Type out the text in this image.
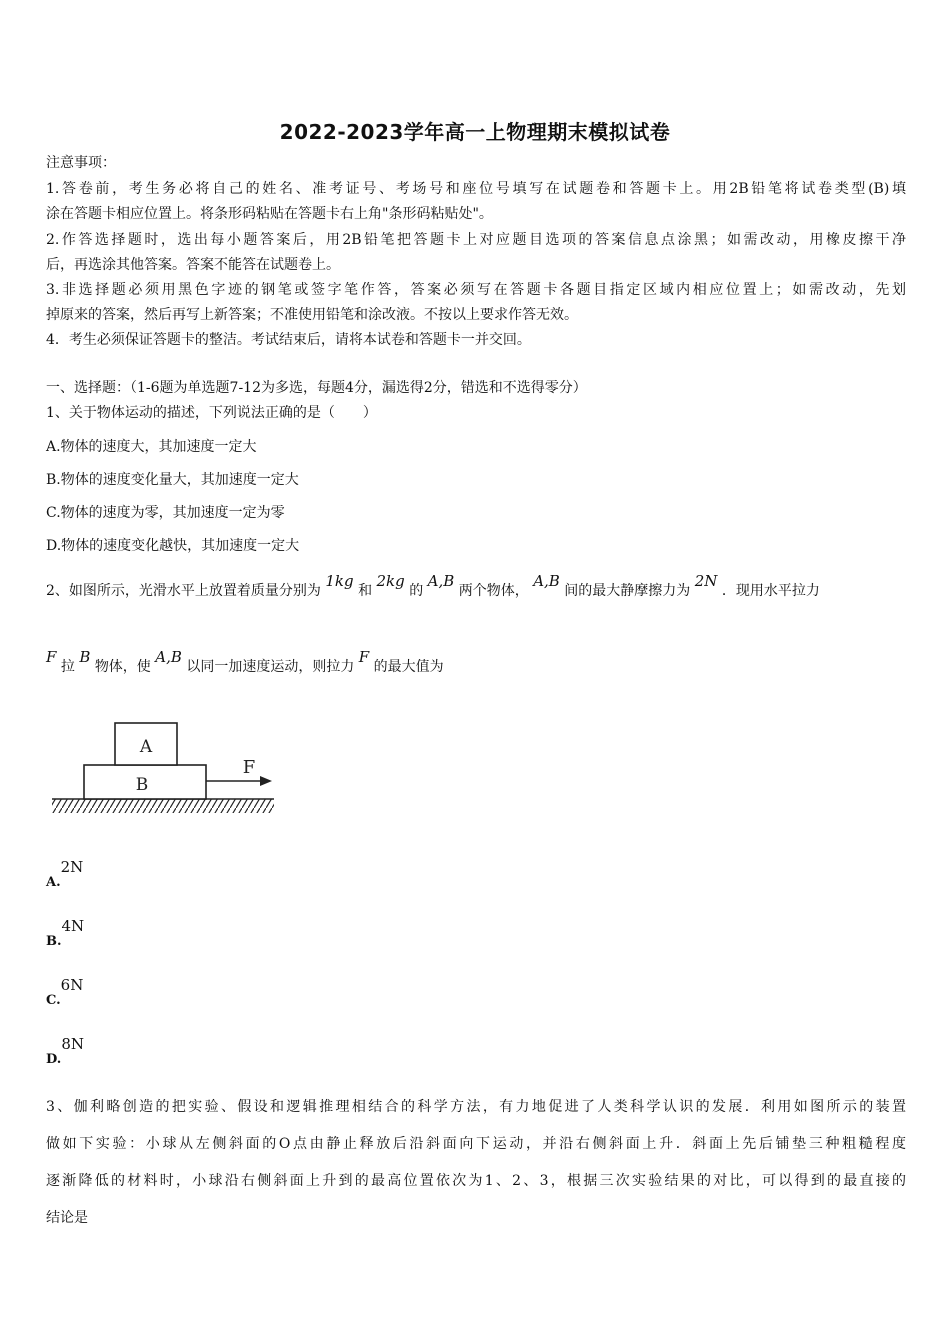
2022-2023学年高一上物理期末模拟试卷
注意事项：
1.答卷前，考生务必将自己的姓名、准考证号、考场号和座位号填写在试题卷和答题卡上。用2B铅笔将试卷类型(B)填
涂在答题卡相应位置上。将条形码粘贴在答题卡右上角"条形码粘贴处"。
2.作答选择题时，选出每小题答案后，用2B铅笔把答题卡上对应题目选项的答案信息点涂黑；如需改动，用橡皮擦干净
后，再选涂其他答案。答案不能答在试题卷上。
3.非选择题必须用黑色字迹的钢笔或签字笔作答，答案必须写在答题卡各题目指定区域内相应位置上；如需改动，先划
掉原来的答案，然后再写上新答案；不准使用铅笔和涂改液。不按以上要求作答无效。
4．考生必须保证答题卡的整洁。考试结束后，请将本试卷和答题卡一并交回。
一、选择题：（1-6题为单选题7-12为多选，每题4分，漏选得2分，错选和不选得零分）
1、关于物体运动的描述，下列说法正确的是（　　）
A.物体的速度大，其加速度一定大
B.物体的速度变化量大，其加速度一定大
C.物体的速度为零，其加速度一定为零
D.物体的速度变化越快，其加速度一定大
2、如图所示，光滑水平上放置着质量分别为 1kg 和 2kg 的 A,B 两个物体， A,B 间的最大静摩擦力为 2N ．现用水平拉力
F 拉 B 物体，使 A,B 以同一加速度运动，则拉力 F 的最大值为
A
B
F
A.2N
B.4N
C.6N
D.8N
3、伽利略创造的把实验、假设和逻辑推理相结合的科学方法，有力地促进了人类科学认识的发展．利用如图所示的装置
做如下实验：小球从左侧斜面的O点由静止释放后沿斜面向下运动，并沿右侧斜面上升．斜面上先后铺垫三种粗糙程度
逐渐降低的材料时，小球沿右侧斜面上升到的最高位置依次为1、2、3，根据三次实验结果的对比，可以得到的最直接的
结论是
